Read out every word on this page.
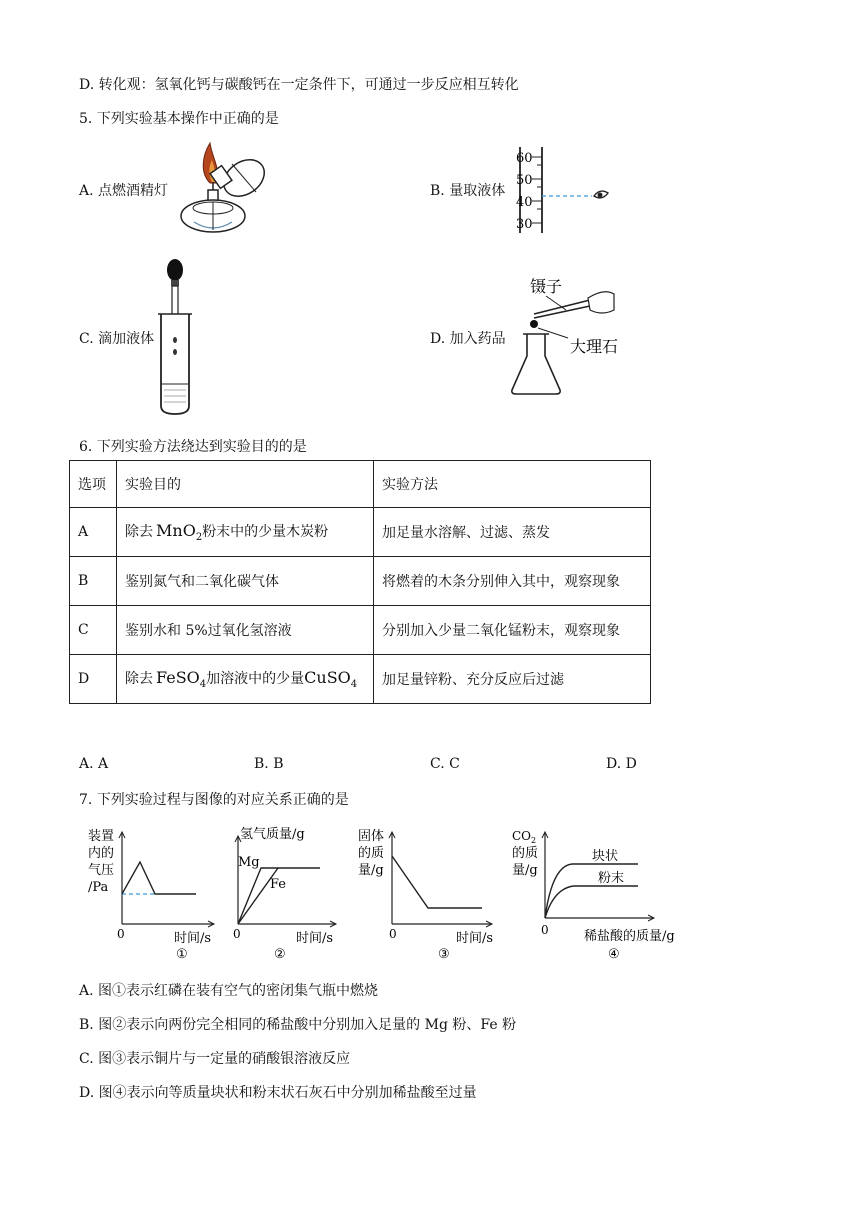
D. 转化观：氢氧化钙与碳酸钙在一定条件下，可通过一步反应相互转化
5. 下列实验基本操作中正确的是
A. 点燃酒精灯	B. 量取液体
C. 滴加液体	D. 加入药品
60
50
40
30
镊子
大理石
6. 下列实验方法绕达到实验目的的是
选项	实验目的	实验方法
A	除去 MnO$_2$粉末中的少量木炭粉	加足量水溶解、过滤、蒸发
B	鉴别氮气和二氧化碳气体	将燃着的木条分别伸入其中，观察现象
C	鉴别水和 5%过氧化氢溶液	分别加入少量二氧化锰粉末，观察现象
D	除去 FeSO$_4$加溶液中的少量CuSO$_4$	加足量锌粉、充分反应后过滤
A. A	B. B	C. C	D. D
7. 下列实验过程与图像的对应关系正确的是
装置
内的
气压
/Pa
0	时间/s
①
氢气质量/g
Mg
Fe
0	时间/s
②
固体
的质
量/g
0	时间/s
③
$CO_2$
的质
量/g
块状
粉末
0	稀盐酸的质量/g
④
A. 图①表示红磷在装有空气的密闭集气瓶中燃烧
B. 图②表示向两份完全相同的稀盐酸中分别加入足量的 Mg 粉、Fe 粉
C. 图③表示铜片与一定量的硝酸银溶液反应
D. 图④表示向等质量块状和粉末状石灰石中分别加稀盐酸至过量
